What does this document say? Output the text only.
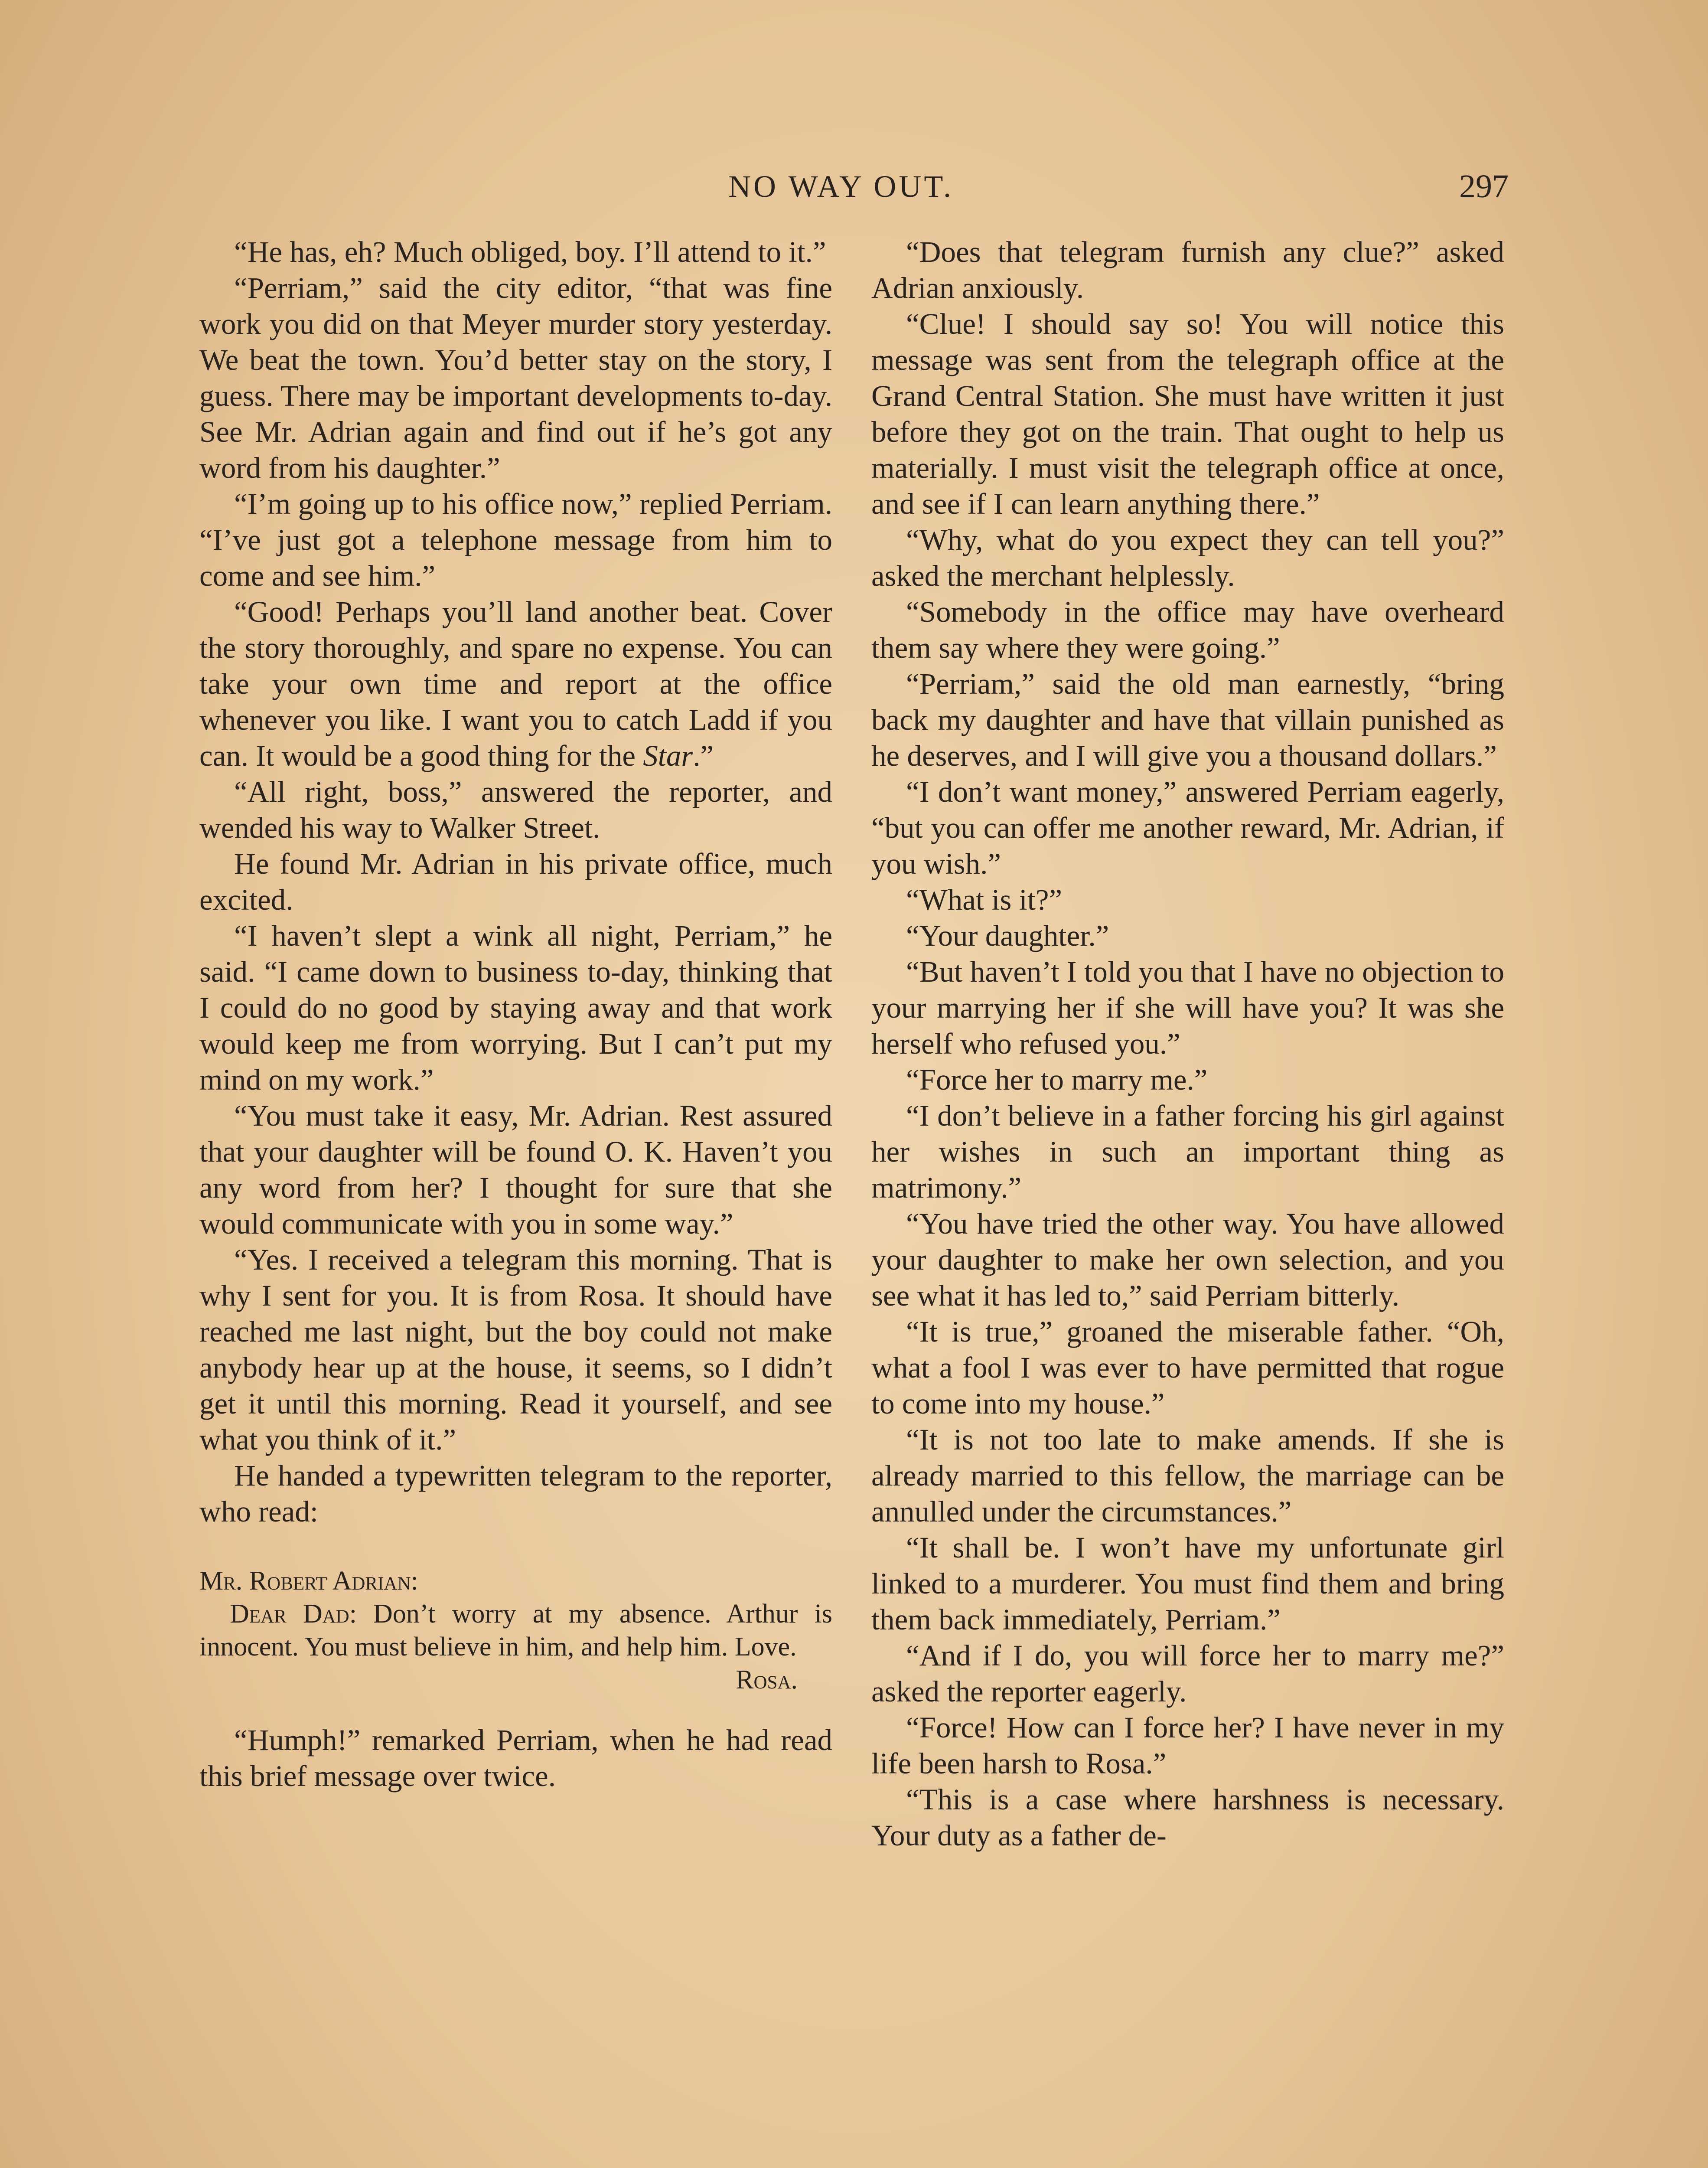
NO WAY OUT.	297

“He has, eh? Much obliged, boy. I’ll attend to it.”

“Perriam,” said the city editor, “that was fine work you did on that Meyer murder story yesterday. We beat the town. You’d better stay on the story, I guess. There may be important developments to-day. See Mr. Adrian again and find out if he’s got any word from his daughter.”

“I’m going up to his office now,” replied Perriam. “I’ve just got a telephone message from him to come and see him.”

“Good! Perhaps you’ll land another beat. Cover the story thoroughly, and spare no expense. You can take your own time and report at the office whenever you like. I want you to catch Ladd if you can. It would be a good thing for the Star.”

“All right, boss,” answered the reporter, and wended his way to Walker Street.

He found Mr. Adrian in his private office, much excited.

“I haven’t slept a wink all night, Perriam,” he said. “I came down to business to-day, thinking that I could do no good by staying away and that work would keep me from worrying. But I can’t put my mind on my work.”

“You must take it easy, Mr. Adrian. Rest assured that your daughter will be found O. K. Haven’t you any word from her? I thought for sure that she would communicate with you in some way.”

“Yes. I received a telegram this morning. That is why I sent for you. It is from Rosa. It should have reached me last night, but the boy could not make anybody hear up at the house, it seems, so I didn’t get it until this morning. Read it yourself, and see what you think of it.”

He handed a typewritten telegram to the reporter, who read:

Mr. Robert Adrian:

Dear Dad: Don’t worry at my absence. Arthur is innocent. You must believe in him, and help him. Love.

Rosa.

“Humph!” remarked Perriam, when he had read this brief message over twice.

“Does that telegram furnish any clue?” asked Adrian anxiously.

“Clue! I should say so! You will notice this message was sent from the telegraph office at the Grand Central Station. She must have written it just before they got on the train. That ought to help us materially. I must visit the telegraph office at once, and see if I can learn anything there.”

“Why, what do you expect they can tell you?” asked the merchant helplessly.

“Somebody in the office may have overheard them say where they were going.”

“Perriam,” said the old man earnestly, “bring back my daughter and have that villain punished as he deserves, and I will give you a thousand dollars.”

“I don’t want money,” answered Perriam eagerly, “but you can offer me another reward, Mr. Adrian, if you wish.”

“What is it?”

“Your daughter.”

“But haven’t I told you that I have no objection to your marrying her if she will have you? It was she herself who refused you.”

“Force her to marry me.”

“I don’t believe in a father forcing his girl against her wishes in such an important thing as matrimony.”

“You have tried the other way. You have allowed your daughter to make her own selection, and you see what it has led to,” said Perriam bitterly.

“It is true,” groaned the miserable father. “Oh, what a fool I was ever to have permitted that rogue to come into my house.”

“It is not too late to make amends. If she is already married to this fellow, the marriage can be annulled under the circumstances.”

“It shall be. I won’t have my unfortunate girl linked to a murderer. You must find them and bring them back immediately, Perriam.”

“And if I do, you will force her to marry me?” asked the reporter eagerly.

“Force! How can I force her? I have never in my life been harsh to Rosa.”

“This is a case where harshness is necessary. Your duty as a father de-
